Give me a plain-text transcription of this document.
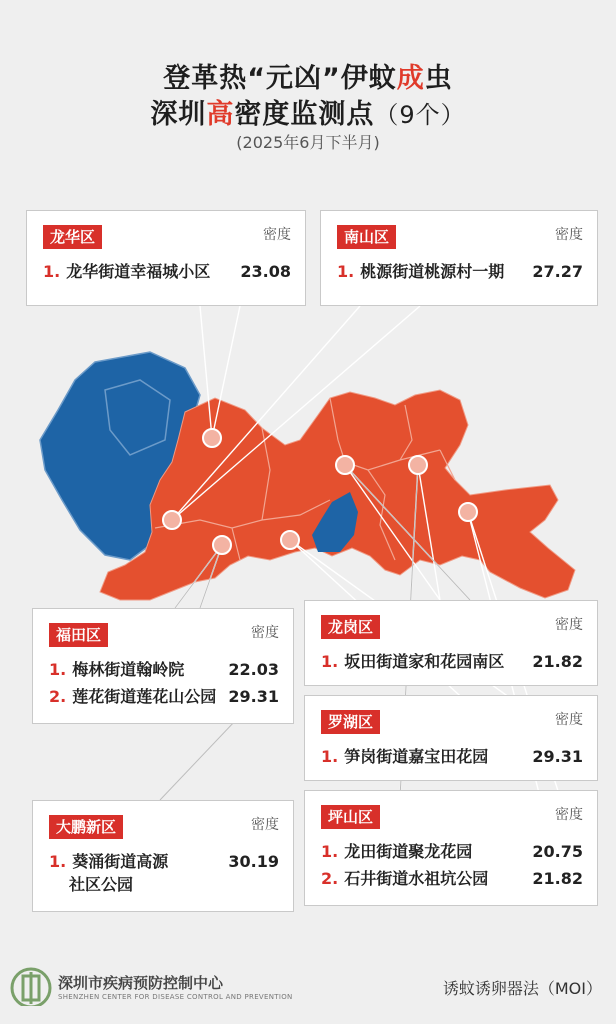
登革热“元凶”伊蚊成虫
深圳高密度监测点（9个）
(2025年6月下半月)
龙华区	密度
1. 龙华街道幸福城小区 23.08
南山区	密度
1. 桃源街道桃源村一期 27.27
福田区	密度
1. 梅林街道翰岭院	22.03
2. 莲花街道莲花山公园 29.31
龙岗区	密度
1. 坂田街道家和花园南区 21.82
罗湖区	密度
1. 笋岗街道嘉宝田花园	29.31
大鹏新区	密度
1. 葵涌街道高源	30.19
社区公园
坪山区	密度
1. 龙田街道聚龙花园	20.75
2. 石井街道水祖坑公园	21.82
深圳市疾病预防控制中心
SHENZHEN CENTER FOR DISEASE CONTROL AND PREVENTION	诱蚊诱卵器法（MOI）
